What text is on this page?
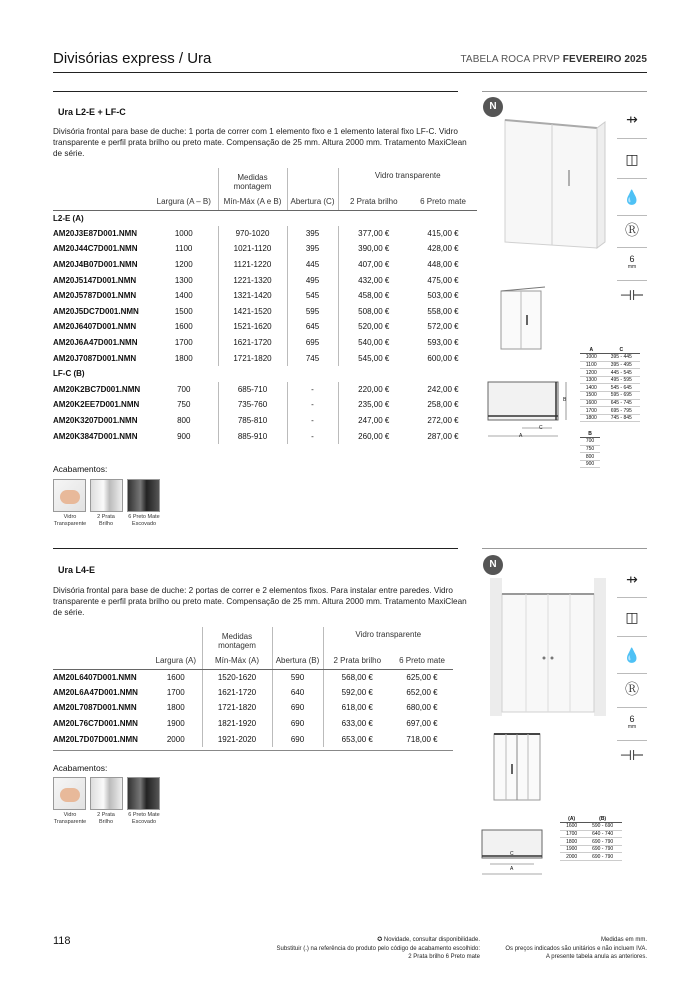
Divisórias express / Ura	TABELA ROCA PRVP FEVEREIRO 2025
Ura L2-E + LF-C
Divisória frontal para base de duche: 1 porta de correr com 1 elemento fixo e 1 elemento lateral fixo LF-C. Vidro transparente e perfil prata brilho ou preto mate. Compensação de 25 mm. Altura 2000 mm. Tratamento MaxiClean de série.
		Medidas montagem		Vidro transparente	
	Largura (A – B)	Mín-Máx (A e B)	Abertura (C)	2 Prata brilho	6 Preto mate
L2-E (A)					
AM20J3E87D001.NMN	1000	970-1020	395	377,00 €	415,00 €
AM20J44C7D001.NMN	1100	1021-1120	395	390,00 €	428,00 €
AM20J4B07D001.NMN	1200	1121-1220	445	407,00 €	448,00 €
AM20J5147D001.NMN	1300	1221-1320	495	432,00 €	475,00 €
AM20J5787D001.NMN	1400	1321-1420	545	458,00 €	503,00 €
AM20J5DC7D001.NMN	1500	1421-1520	595	508,00 €	558,00 €
AM20J6407D001.NMN	1600	1521-1620	645	520,00 €	572,00 €
AM20J6A47D001.NMN	1700	1621-1720	695	540,00 €	593,00 €
AM20J7087D001.NMN	1800	1721-1820	745	545,00 €	600,00 €
LF-C (B)					
AM20K2BC7D001.NMN	700	685-710	-	220,00 €	242,00 €
AM20K2EE7D001.NMN	750	735-760	-	235,00 €	258,00 €
AM20K3207D001.NMN	800	785-810	-	247,00 €	272,00 €
AM20K3847D001.NMN	900	885-910	-	260,00 €	287,00 €
Acabamentos:
Vidro
Transparente
2 Prata
Brilho
6 Preto Mate
Escovado
N
A
C
B
A	C
1000	395 - 445
1100	395 - 495
1200	445 - 545
1300	495 - 595
1400	545 - 645
1500	595 - 695
1600	645 - 745
1700	695 - 795
1800	745 - 845
B
700
750
800
900
⇸
◫
💧
Ⓡ
6
mm
⊣⊢
Ura L4-E
Divisória frontal para base de duche: 2 portas de correr e 2 elementos fixos. Para instalar entre paredes. Vidro transparente e perfil prata brilho ou preto mate. Compensação de 25 mm. Altura 2000 mm. Tratamento MaxiClean de série.
		Medidas montagem		Vidro transparente	
	Largura (A)	Mín-Máx (A)	Abertura (B)	2 Prata brilho	6 Preto mate
AM20L6407D001.NMN	1600	1520-1620	590	568,00 €	625,00 €
AM20L6A47D001.NMN	1700	1621-1720	640	592,00 €	652,00 €
AM20L7087D001.NMN	1800	1721-1820	690	618,00 €	680,00 €
AM20L76C7D001.NMN	1900	1821-1920	690	633,00 €	697,00 €
AM20L7D07D001.NMN	2000	1921-2020	690	653,00 €	718,00 €
Acabamentos:
Vidro
Transparente
2 Prata
Brilho
6 Preto Mate
Escovado
N
C
A
(A)	(B)
1600	590 - 690
1700	640 - 740
1800	690 - 790
1900	690 - 790
2000	690 - 790
⇸
◫
💧
Ⓡ
6
mm
⊣⊢
118	✪ Novidade, consultar disponibilidade.
Substituir (.) na referência do produto pelo código de acabamento escolhido:
2 Prata brilho 6 Preto mate
Medidas em mm.
Os preços indicados são unitários e não incluem IVA.
A presente tabela anula as anteriores.
